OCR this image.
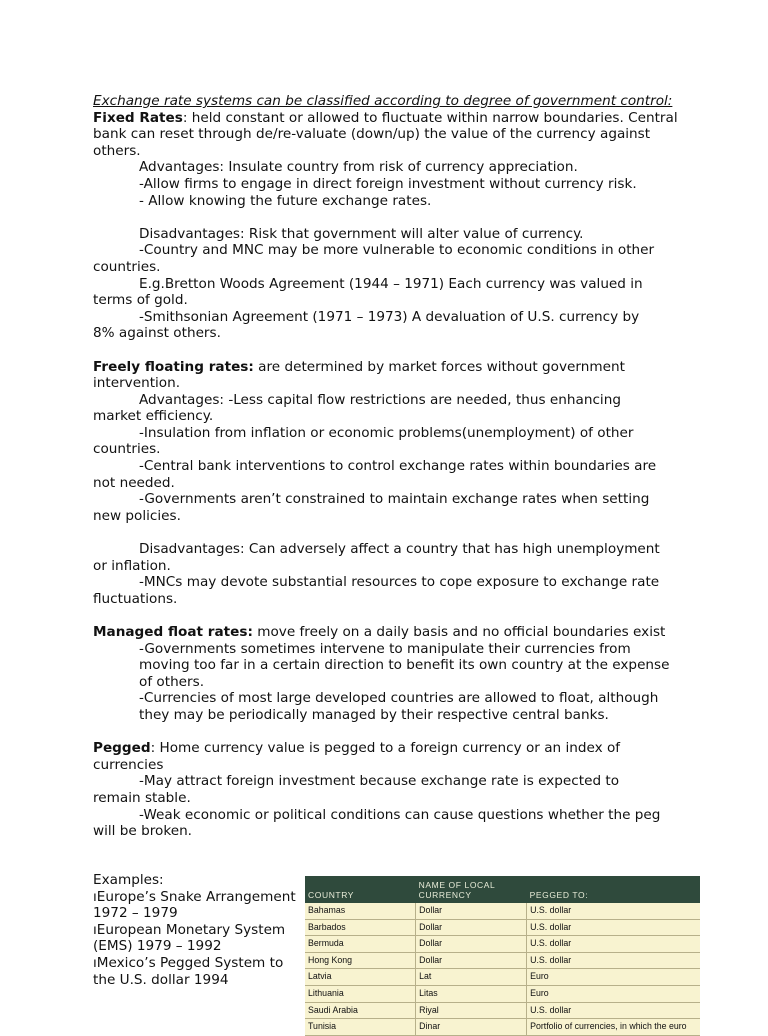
Exchange rate systems can be classified according to degree of government control:

Fixed Rates: held constant or allowed to fluctuate within narrow boundaries. Central bank can reset through de/re-valuate (down/up) the value of the currency against others.

Advantages: Insulate country from risk of currency appreciation.

-Allow firms to engage in direct foreign investment without currency risk.

- Allow knowing the future exchange rates.

Disadvantages: Risk that government will alter value of currency.

-Country and MNC may be more vulnerable to economic conditions in other

countries.

E.g.Bretton Woods Agreement (1944 – 1971) Each currency was valued in

terms of gold.

-Smithsonian Agreement (1971 – 1973) A devaluation of U.S. currency by

8% against others.

Freely floating rates: are determined by market forces without government intervention.

Advantages: -Less capital flow restrictions are needed, thus enhancing

market efficiency.

-Insulation from inflation or economic problems(unemployment) of other

countries.

-Central bank interventions to control exchange rates within boundaries are

not needed.

-Governments aren’t constrained to maintain exchange rates when setting

new policies.

Disadvantages: Can adversely affect a country that has high unemployment

or inflation.

-MNCs may devote substantial resources to cope exposure to exchange rate

fluctuations.

Managed float rates: move freely on a daily basis and no official boundaries exist

-Governments sometimes intervene to manipulate their currencies from moving too far in a certain direction to benefit its own country at the expense of others.

-Currencies of most large developed countries are allowed to float, although they may be periodically managed by their respective central banks.

Pegged: Home currency value is pegged to a foreign currency or an index of currencies

-May attract foreign investment because exchange rate is expected to

remain stable.

-Weak economic or political conditions can cause questions whether the peg

will be broken.

Examples:

ıEurope’s Snake Arrangement 1972 – 1979

ıEuropean Monetary System (EMS) 1979 – 1992

ıMexico’s Pegged System to the U.S. dollar 1994

COUNTRY	NAME OF LOCAL CURRENCY	PEGGED TO:
Bahamas	Dollar	U.S. dollar
Barbados	Dollar	U.S. dollar
Bermuda	Dollar	U.S. dollar
Hong Kong	Dollar	U.S. dollar
Latvia	Lat	Euro
Lithuania	Litas	Euro
Saudi Arabia	Riyal	U.S. dollar
Tunisia	Dinar	Portfolio of currencies, in which the euro
